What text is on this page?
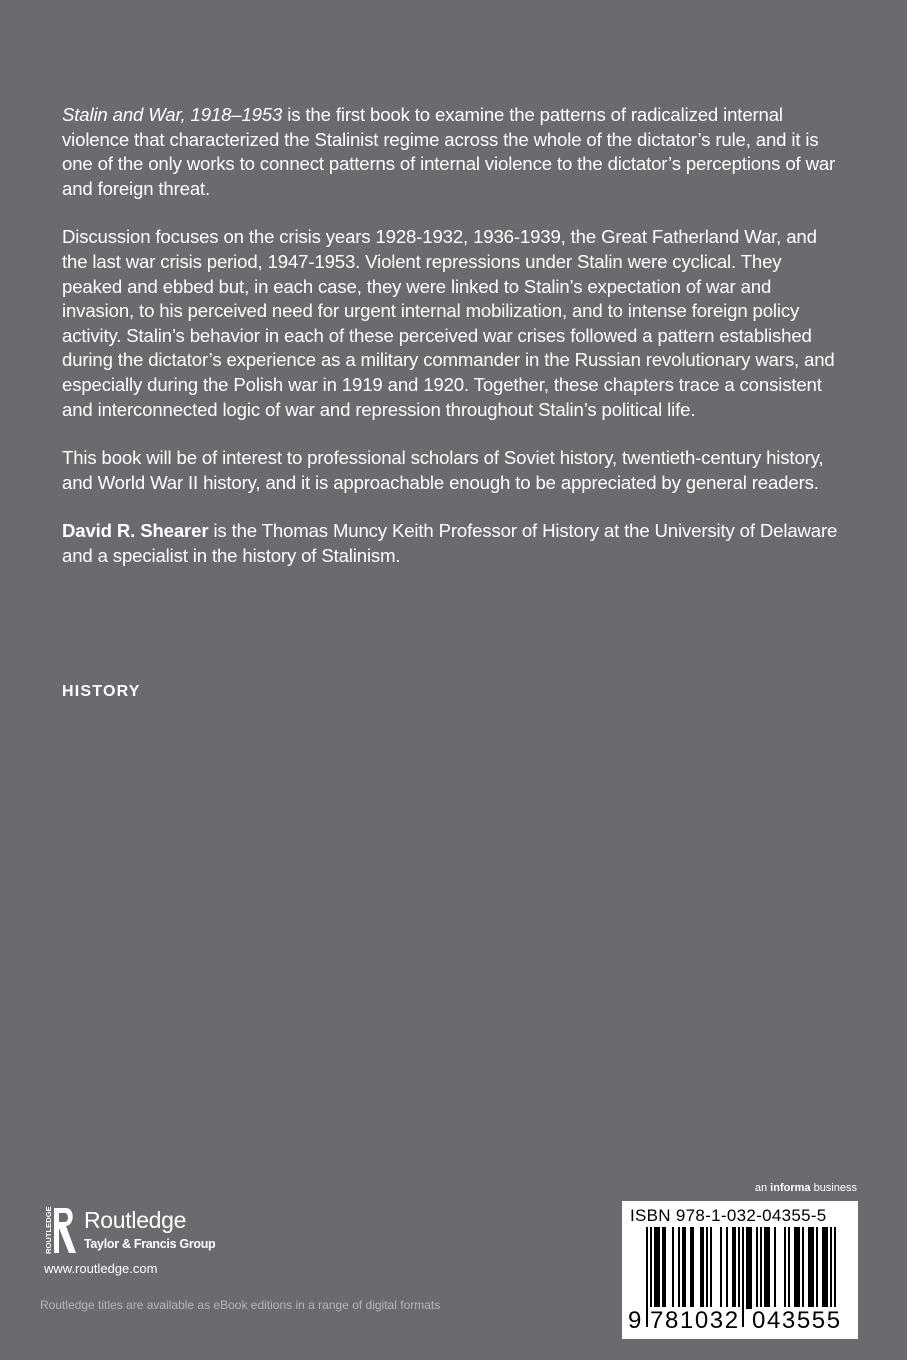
Stalin and War, 1918–1953 is the first book to examine the patterns of radicalized internal violence that characterized the Stalinist regime across the whole of the dictator’s rule, and it is one of the only works to connect patterns of internal violence to the dictator’s perceptions of war and foreign threat.

Discussion focuses on the crisis years 1928-1932, 1936-1939, the Great Fatherland War, and the last war crisis period, 1947-1953. Violent repressions under Stalin were cyclical. They peaked and ebbed but, in each case, they were linked to Stalin’s expectation of war and invasion, to his perceived need for urgent internal mobilization, and to intense foreign policy activity. Stalin’s behavior in each of these perceived war crises followed a pattern established during the dictator’s experience as a military commander in the Russian revolutionary wars, and especially during the Polish war in 1919 and 1920. Together, these chapters trace a consistent and interconnected logic of war and repression throughout Stalin’s political life.

This book will be of interest to professional scholars of Soviet history, twentieth-century history, and World War II history, and it is approachable enough to be appreciated by general readers.

David R. Shearer is the Thomas Muncy Keith Professor of History at the University of Delaware and a specialist in the history of Stalinism.

HISTORY
ROUTLEDGE Routledge
Taylor & Francis Group
www.routledge.com
Routledge titles are available as eBook editions in a range of digital formats
an informa business
ISBN 978-1-032-04355-5
9 781032 043555
